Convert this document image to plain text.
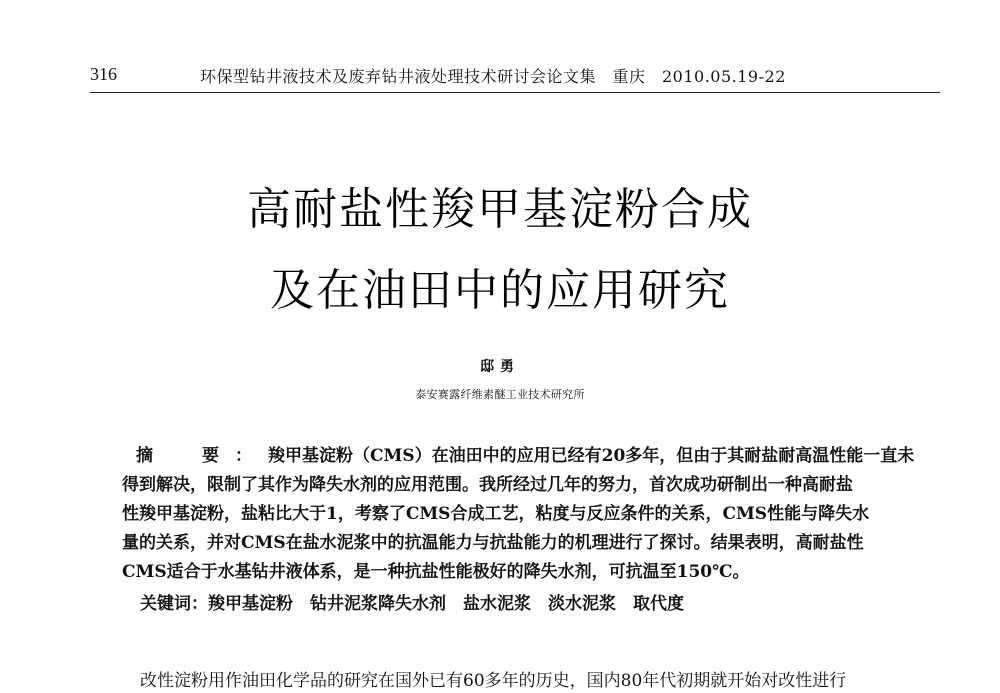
316	环保型钻井液技术及废弃钻井液处理技术研讨会论文集　重庆　2010.05.19-22
高耐盐性羧甲基淀粉合成
及在油田中的应用研究
邸勇
泰安赛露纤维素醚工业技术研究所
摘　要：羧甲基淀粉（CMS）在油田中的应用已经有20多年，但由于其耐盐耐高温性能一直未
得到解决，限制了其作为降失水剂的应用范围。我所经过几年的努力，首次成功研制出一种高耐盐
性羧甲基淀粉，盐粘比大于1，考察了CMS合成工艺，粘度与反应条件的关系，CMS性能与降失水
量的关系，并对CMS在盐水泥浆中的抗温能力与抗盐能力的机理进行了探讨。结果表明，高耐盐性
CMS适合于水基钻井液体系，是一种抗盐性能极好的降失水剂，可抗温至150℃。
关键词：羧甲基淀粉　钻井泥浆降失水剂　盐水泥浆　淡水泥浆　取代度
改性淀粉用作油田化学品的研究在国外已有60多年的历史，国内80年代初期就开始对改性进行
